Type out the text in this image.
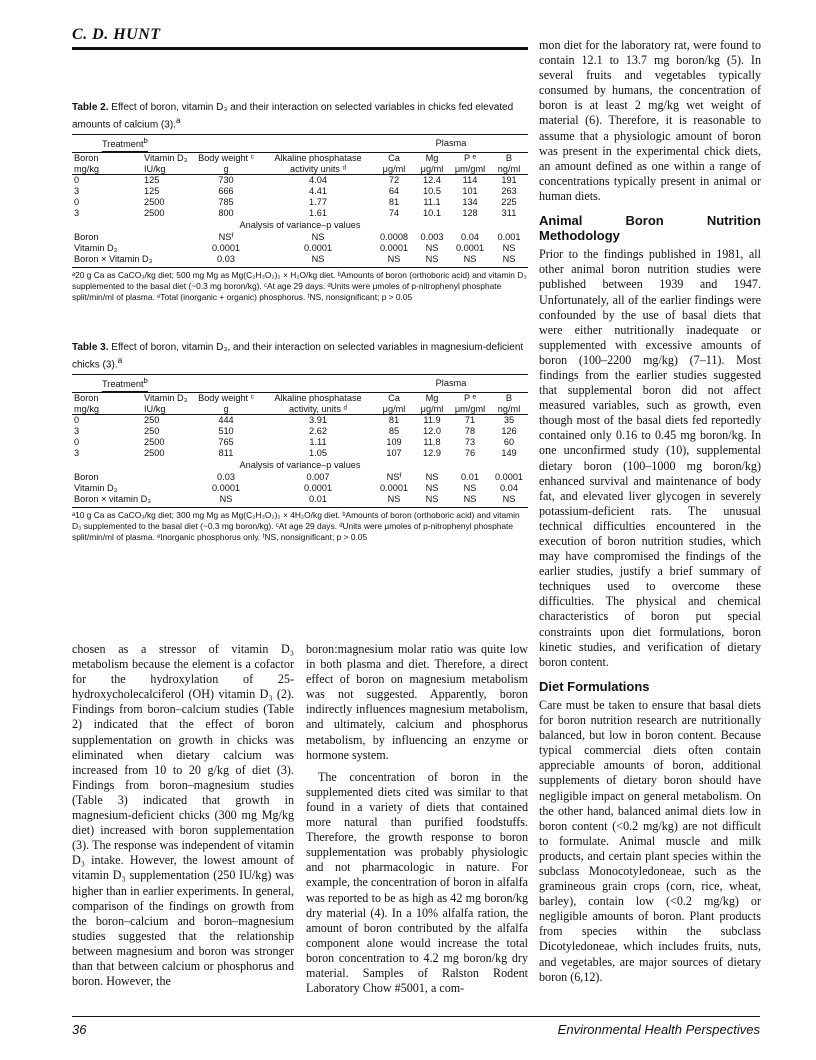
C. D. HUNT
Table 2. Effect of boron, vitamin D₃ and their interaction on selected variables in chicks fed elevated amounts of calcium (3).$^a$
Treatment$^b$				Plasma			
Boron	Vitamin D₃	Body weight ᶜ	Alkaline phosphatase	Ca	Mg	P ᵉ	B
mg/kg	IU/kg	g	activity units ᵈ	μg/ml	μg/ml	μm/gml	ng/ml
0	125	730	4.04	72	12.4	114	191
3	125	666	4.41	64	10.5	101	263
0	2500	785	1.77	81	11.1	134	225
3	2500	800	1.61	74	10.1	128	311
Analysis of variance–p values							
Boron		NSᶠ	NS	0.0008	0.003	0.04	0.001
Vitamin D₃		0.0001	0.0001	0.0001	NS	0.0001	NS
Boron × Vitamin D₃		0.03	NS	NS	NS	NS	NS
ᵃ20 g Ca as CaCO₃/kg diet; 500 mg Mg as Mg(C₂H₃O₂)₂ × H₂O/kg diet. ᵇAmounts of boron (orthoboric acid) and vitamin D₃ supplemented to the basal diet (~0.3 mg boron/kg). ᶜAt age 29 days. ᵈUnits were μmoles of p-nitrophenyl phosphate split/min/ml of plasma. ᵉTotal (inorganic + organic) phosphorus. ᶠNS, nonsignificant; p > 0.05
Table 3. Effect of boron, vitamin D₃, and their interaction on selected variables in magnesium-deficient chicks (3).$^a$
Treatment$^b$				Plasma			
Boron	Vitamin D₃	Body weight ᶜ	Alkaline phosphatase	Ca	Mg	P ᵉ	B
mg/kg	IU/kg	g	activity, units ᵈ	μg/ml	μg/ml	μm/gml	ng/ml
0	250	444	3.91	81	11.9	71	35
3	250	510	2.62	85	12.0	78	126
0	2500	765	1.11	109	11.8	73	60
3	2500	811	1.05	107	12.9	76	149
Analysis of variance–p values							
Boron		0.03	0.007	NSᶠ	NS	0.01	0.0001
Vitamin D₃		0.0001	0.0001	0.0001	NS	NS	0.04
Boron × vitamin D₃		NS	0.01	NS	NS	NS	NS
ᵃ10 g Ca as CaCO₃/kg diet; 300 mg Mg as Mg(C₂H₃O₂)₂ × 4H₂O/kg diet. ᵇAmounts of boron (orthoboric acid) and vitamin D₃ supplemented to the basal diet (~0.3 mg boron/kg). ᶜAt age 29 days. ᵈUnits were μmoles of p-nitrophenyl phosphate split/min/ml of plasma. ᵉInorganic phosphorus only. ᶠNS, nonsignificant; p > 0.05

chosen as a stressor of vitamin D₃ metabolism because the element is a cofactor for the hydroxylation of 25-hydroxycholecalciferol (OH) vitamin D₃ (2). Findings from boron–calcium studies (Table 2) indicated that the effect of boron supplementation on growth in chicks was eliminated when dietary calcium was increased from 10 to 20 g/kg of diet (3). Findings from boron–magnesium studies (Table 3) indicated that growth in magnesium-deficient chicks (300 mg Mg/kg diet) increased with boron supplementation (3). The response was independent of vitamin D₃ intake. However, the lowest amount of vitamin D₃ supplementation (250 IU/kg) was higher than in earlier experiments. In general, comparison of the findings on growth from the boron–calcium and boron–magnesium studies suggested that the relationship between magnesium and boron was stronger than that between calcium or phosphorus and boron. However, the

boron:magnesium molar ratio was quite low in both plasma and diet. Therefore, a direct effect of boron on magnesium metabolism was not suggested. Apparently, boron indirectly influences magnesium metabolism, and ultimately, calcium and phosphorus metabolism, by influencing an enzyme or hormone system.

The concentration of boron in the supplemented diets cited was similar to that found in a variety of diets that contained more natural than purified foodstuffs. Therefore, the growth response to boron supplementation was probably physiologic and not pharmacologic in nature. For example, the concentration of boron in alfalfa was reported to be as high as 42 mg boron/kg dry material (4). In a 10% alfalfa ration, the amount of boron contributed by the alfalfa component alone would increase the total boron concentration to 4.2 mg boron/kg dry material. Samples of Ralston Rodent Laboratory Chow #5001, a com-

mon diet for the laboratory rat, were found to contain 12.1 to 13.7 mg boron/kg (5). In several fruits and vegetables typically consumed by humans, the concentration of boron is at least 2 mg/kg wet weight of material (6). Therefore, it is reasonable to assume that a physiologic amount of boron was present in the experimental chick diets, an amount defined as one within a range of concentrations typically present in animal or human diets.

Animal Boron Nutrition Methodology

Prior to the findings published in 1981, all other animal boron nutrition studies were published between 1939 and 1947. Unfortunately, all of the earlier findings were confounded by the use of basal diets that were either nutritionally inadequate or supplemented with excessive amounts of boron (100–2200 mg/kg) (7–11). Most findings from the earlier studies suggested that supplemental boron did not affect measured variables, such as growth, even though most of the basal diets fed reportedly contained only 0.16 to 0.45 mg boron/kg. In one unconfirmed study (10), supplemental dietary boron (100–1000 mg boron/kg) enhanced survival and maintenance of body fat, and elevated liver glycogen in severely potassium-deficient rats. The unusual technical difficulties encountered in the execution of boron nutrition studies, which may have compromised the findings of the earlier studies, justify a brief summary of techniques used to overcome these difficulties. The physical and chemical characteristics of boron put special constraints upon diet formulations, boron kinetic studies, and verification of dietary boron content.

Diet Formulations

Care must be taken to ensure that basal diets for boron nutrition research are nutritionally balanced, but low in boron content. Because typical commercial diets often contain appreciable amounts of boron, additional supplements of dietary boron should have negligible impact on general metabolism. On the other hand, balanced animal diets low in boron content (<0.2 mg/kg) are not difficult to formulate. Animal muscle and milk products, and certain plant species within the subclass Monocotyledoneae, such as the gramineous grain crops (corn, rice, wheat, barley), contain low (<0.2 mg/kg) or negligible amounts of boron. Plant products from species within the subclass Dicotyledoneae, which includes fruits, nuts, and vegetables, are major sources of dietary boron (6,12).

36	Environmental Health Perspectives
